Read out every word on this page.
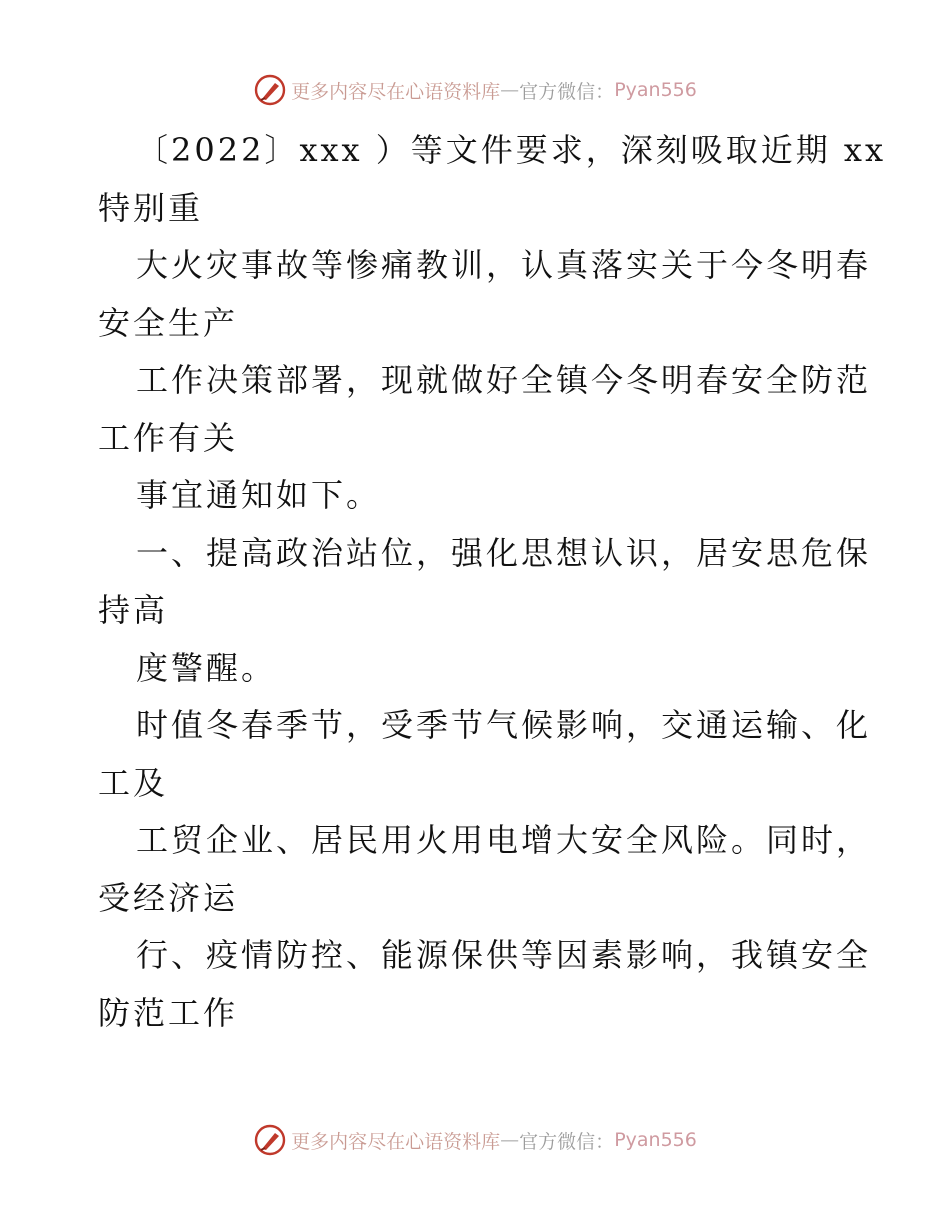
更多内容尽在心语资料库 — 官方微信： Pyan556
〔2022〕xxx ）等文件要求，深刻吸取近期 xx
特别重
大火灾事故等惨痛教训，认真落实关于今冬明春
安全生产
工作决策部署，现就做好全镇今冬明春安全防范
工作有关
事宜通知如下。
一、提高政治站位，强化思想认识，居安思危保
持高
度警醒。
时值冬春季节，受季节气候影响，交通运输、化
工及
工贸企业、居民用火用电增大安全风险。同时，
受经济运
行、疫情防控、能源保供等因素影响，我镇安全
防范工作
更多内容尽在心语资料库 — 官方微信： Pyan556
